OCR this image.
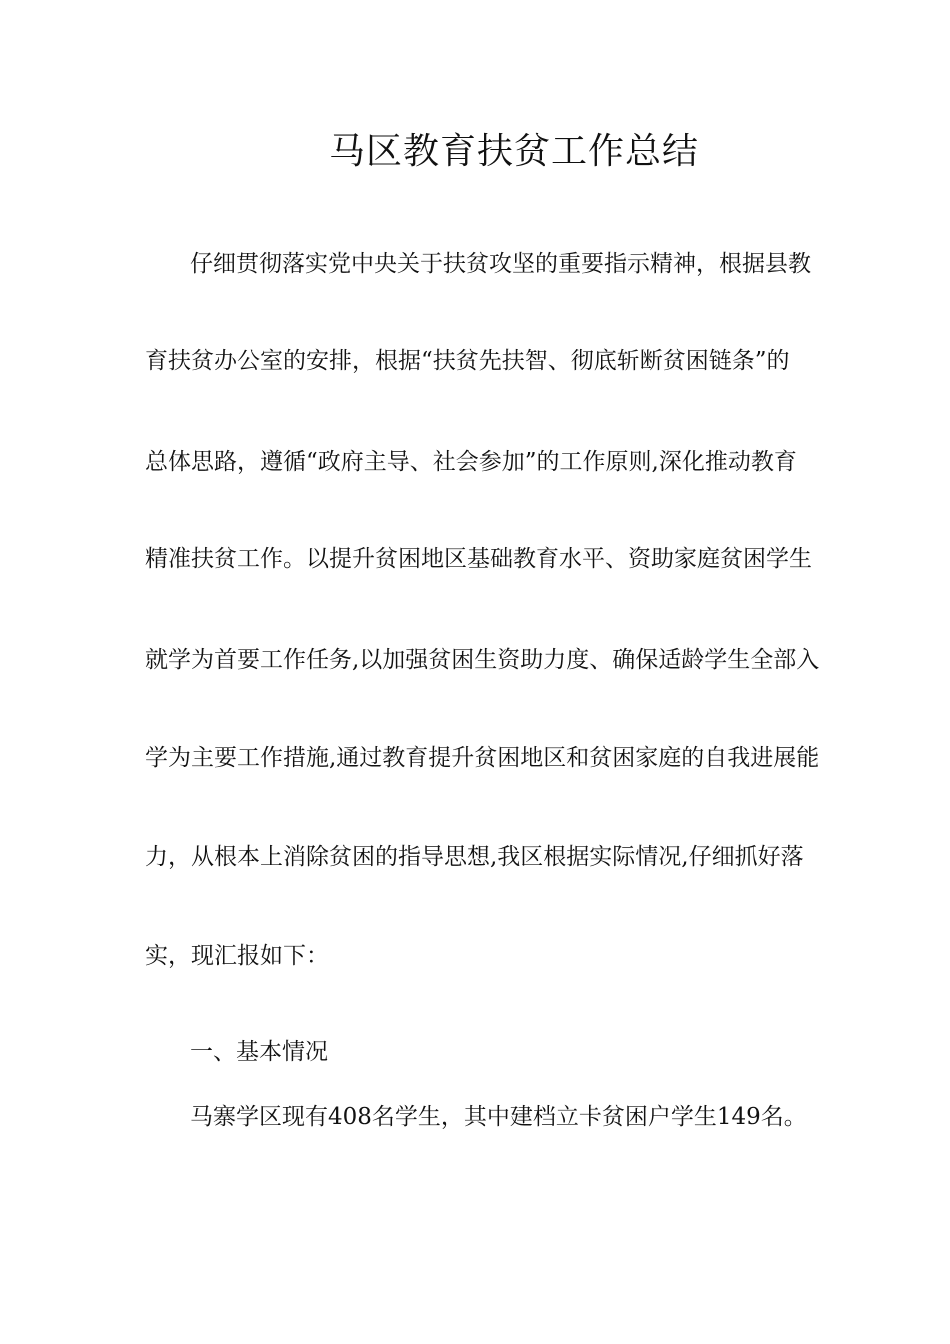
马区教育扶贫工作总结
仔细贯彻落实党中央关于扶贫攻坚的重要指示精神，根据县教
育扶贫办公室的安排，根据“扶贫先扶智、彻底斩断贫困链条”的
总体思路，遵循“政府主导、社会参加”的工作原则,深化推动教育
精准扶贫工作。以提升贫困地区基础教育水平、资助家庭贫困学生
就学为首要工作任务,以加强贫困生资助力度、确保适龄学生全部入
学为主要工作措施,通过教育提升贫困地区和贫困家庭的自我进展能
力，从根本上消除贫困的指导思想,我区根据实际情况,仔细抓好落
实，现汇报如下：
一、基本情况
马寨学区现有408名学生，其中建档立卡贫困户学生149名。
